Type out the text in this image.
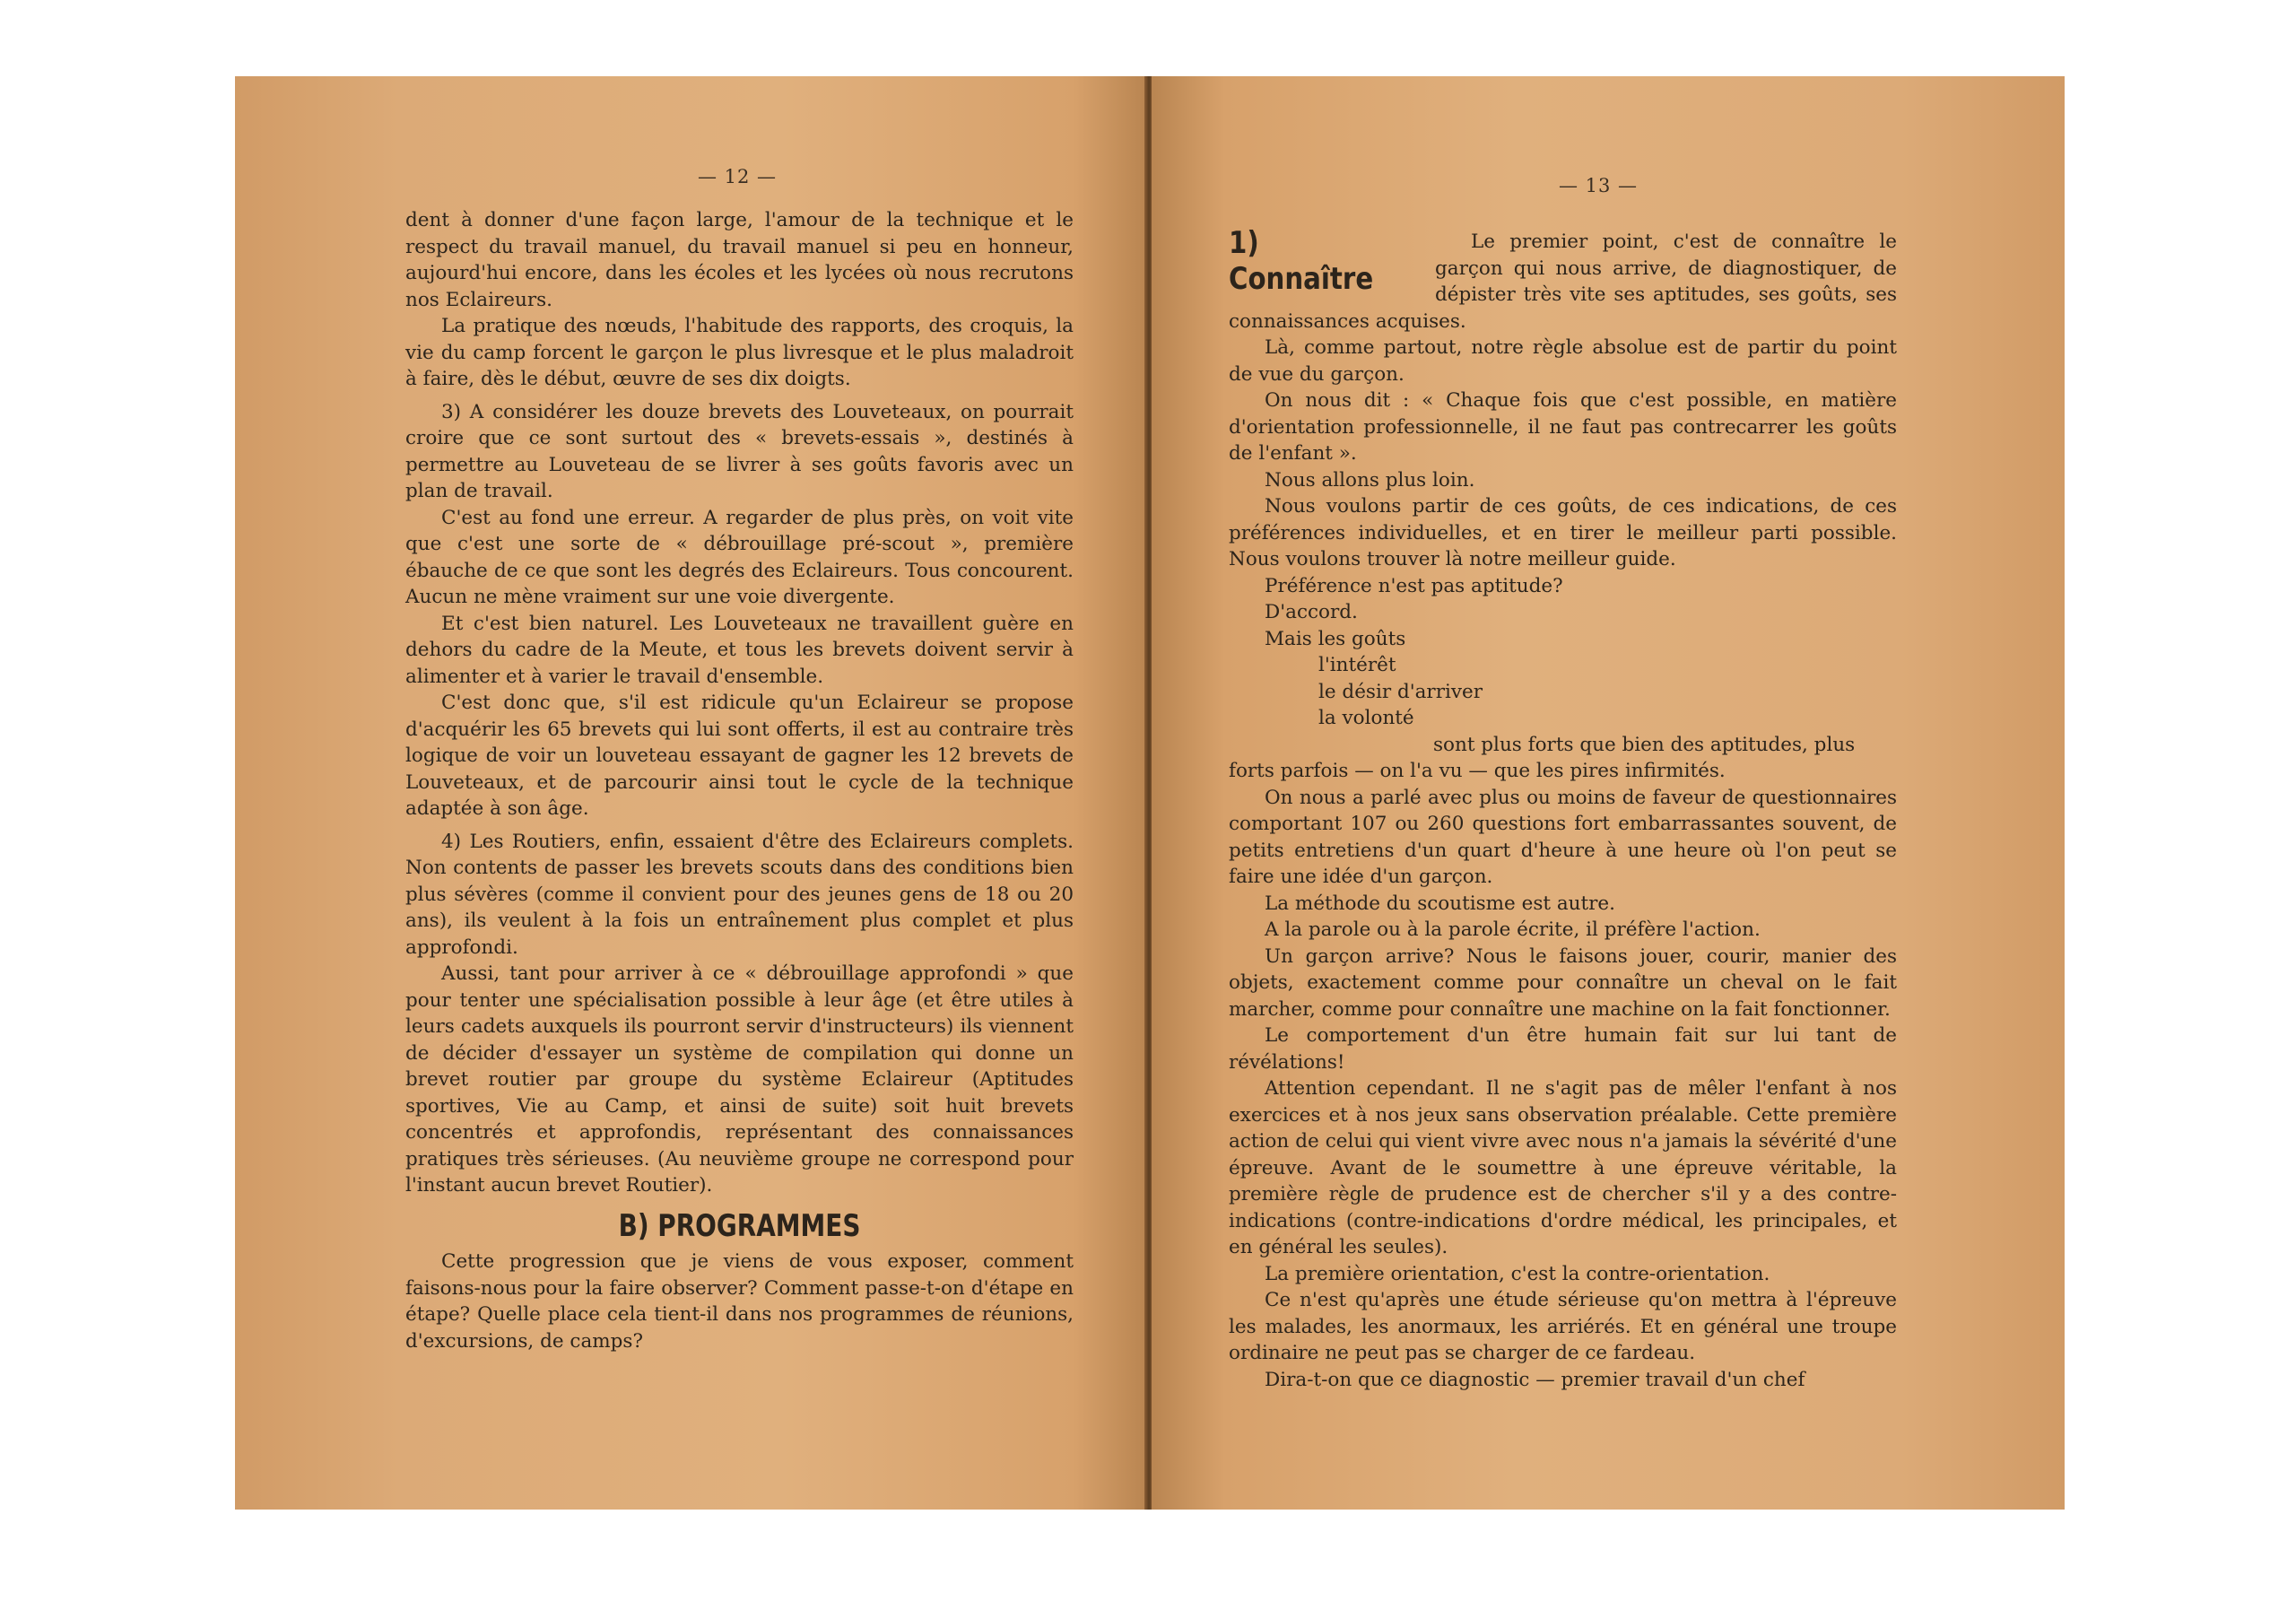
— 12 —

dent à donner d'une façon large, l'amour de la technique et le respect du travail manuel, du travail manuel si peu en honneur, aujourd'hui encore, dans les écoles et les lycées où nous recrutons nos Eclaireurs.

La pratique des nœuds, l'habitude des rapports, des croquis, la vie du camp forcent le garçon le plus livresque et le plus maladroit à faire, dès le début, œuvre de ses dix doigts.

3) A considérer les douze brevets des Louveteaux, on pourrait croire que ce sont surtout des « brevets-essais », destinés à permettre au Louveteau de se livrer à ses goûts favoris avec un plan de travail.

C'est au fond une erreur. A regarder de plus près, on voit vite que c'est une sorte de « débrouillage pré-scout », première ébauche de ce que sont les degrés des Eclaireurs. Tous concourent. Aucun ne mène vraiment sur une voie divergente.

Et c'est bien naturel. Les Louveteaux ne travaillent guère en dehors du cadre de la Meute, et tous les brevets doivent servir à alimenter et à varier le travail d'ensemble.

C'est donc que, s'il est ridicule qu'un Eclaireur se propose d'acquérir les 65 brevets qui lui sont offerts, il est au contraire très logique de voir un louveteau essayant de gagner les 12 brevets de Louveteaux, et de parcourir ainsi tout le cycle de la technique adaptée à son âge.

4) Les Routiers, enfin, essaient d'être des Eclaireurs complets. Non contents de passer les brevets scouts dans des conditions bien plus sévères (comme il convient pour des jeunes gens de 18 ou 20 ans), ils veulent à la fois un entraînement plus complet et plus approfondi.

Aussi, tant pour arriver à ce « débrouillage approfondi » que pour tenter une spécialisation possible à leur âge (et être utiles à leurs cadets auxquels ils pourront servir d'instructeurs) ils viennent de décider d'essayer un système de compilation qui donne un brevet routier par groupe du système Eclaireur (Aptitudes sportives, Vie au Camp, et ainsi de suite) soit huit brevets concentrés et approfondis, représentant des connaissances pratiques très sérieuses. (Au neuvième groupe ne correspond pour l'instant aucun brevet Routier).

B) PROGRAMMES

Cette progression que je viens de vous exposer, comment faisons-nous pour la faire observer? Comment passe-t-on d'étape en étape? Quelle place cela tient-il dans nos programmes de réunions, d'excursions, de camps?

— 13 —
1) Connaître

Le premier point, c'est de connaître le garçon qui nous arrive, de diagnostiquer, de dépister très vite ses aptitudes, ses goûts, ses connaissances acquises.

Là, comme partout, notre règle absolue est de partir du point de vue du garçon.

On nous dit : « Chaque fois que c'est possible, en matière d'orientation professionnelle, il ne faut pas contrecarrer les goûts de l'enfant ».

Nous allons plus loin.

Nous voulons partir de ces goûts, de ces indications, de ces préférences individuelles, et en tirer le meilleur parti possible. Nous voulons trouver là notre meilleur guide.

Préférence n'est pas aptitude?

D'accord.

Mais les goûts

l'intérêt

le désir d'arriver

la volonté

sont plus forts que bien des aptitudes, plus

forts parfois — on l'a vu — que les pires infirmités.

On nous a parlé avec plus ou moins de faveur de questionnaires comportant 107 ou 260 questions fort embarrassantes souvent, de petits entretiens d'un quart d'heure à une heure où l'on peut se faire une idée d'un garçon.

La méthode du scoutisme est autre.

A la parole ou à la parole écrite, il préfère l'action.

Un garçon arrive? Nous le faisons jouer, courir, manier des objets, exactement comme pour connaître un cheval on le fait marcher, comme pour connaître une machine on la fait fonctionner.

Le comportement d'un être humain fait sur lui tant de révélations!

Attention cependant. Il ne s'agit pas de mêler l'enfant à nos exercices et à nos jeux sans observation préalable. Cette première action de celui qui vient vivre avec nous n'a jamais la sévérité d'une épreuve. Avant de le soumettre à une épreuve véritable, la première règle de prudence est de chercher s'il y a des contre-indications (contre-indications d'ordre médical, les principales, et en général les seules).

La première orientation, c'est la contre-orientation.

Ce n'est qu'après une étude sérieuse qu'on mettra à l'épreuve les malades, les anormaux, les arriérés. Et en général une troupe ordinaire ne peut pas se charger de ce fardeau.

Dira-t-on que ce diagnostic — premier travail d'un chef
